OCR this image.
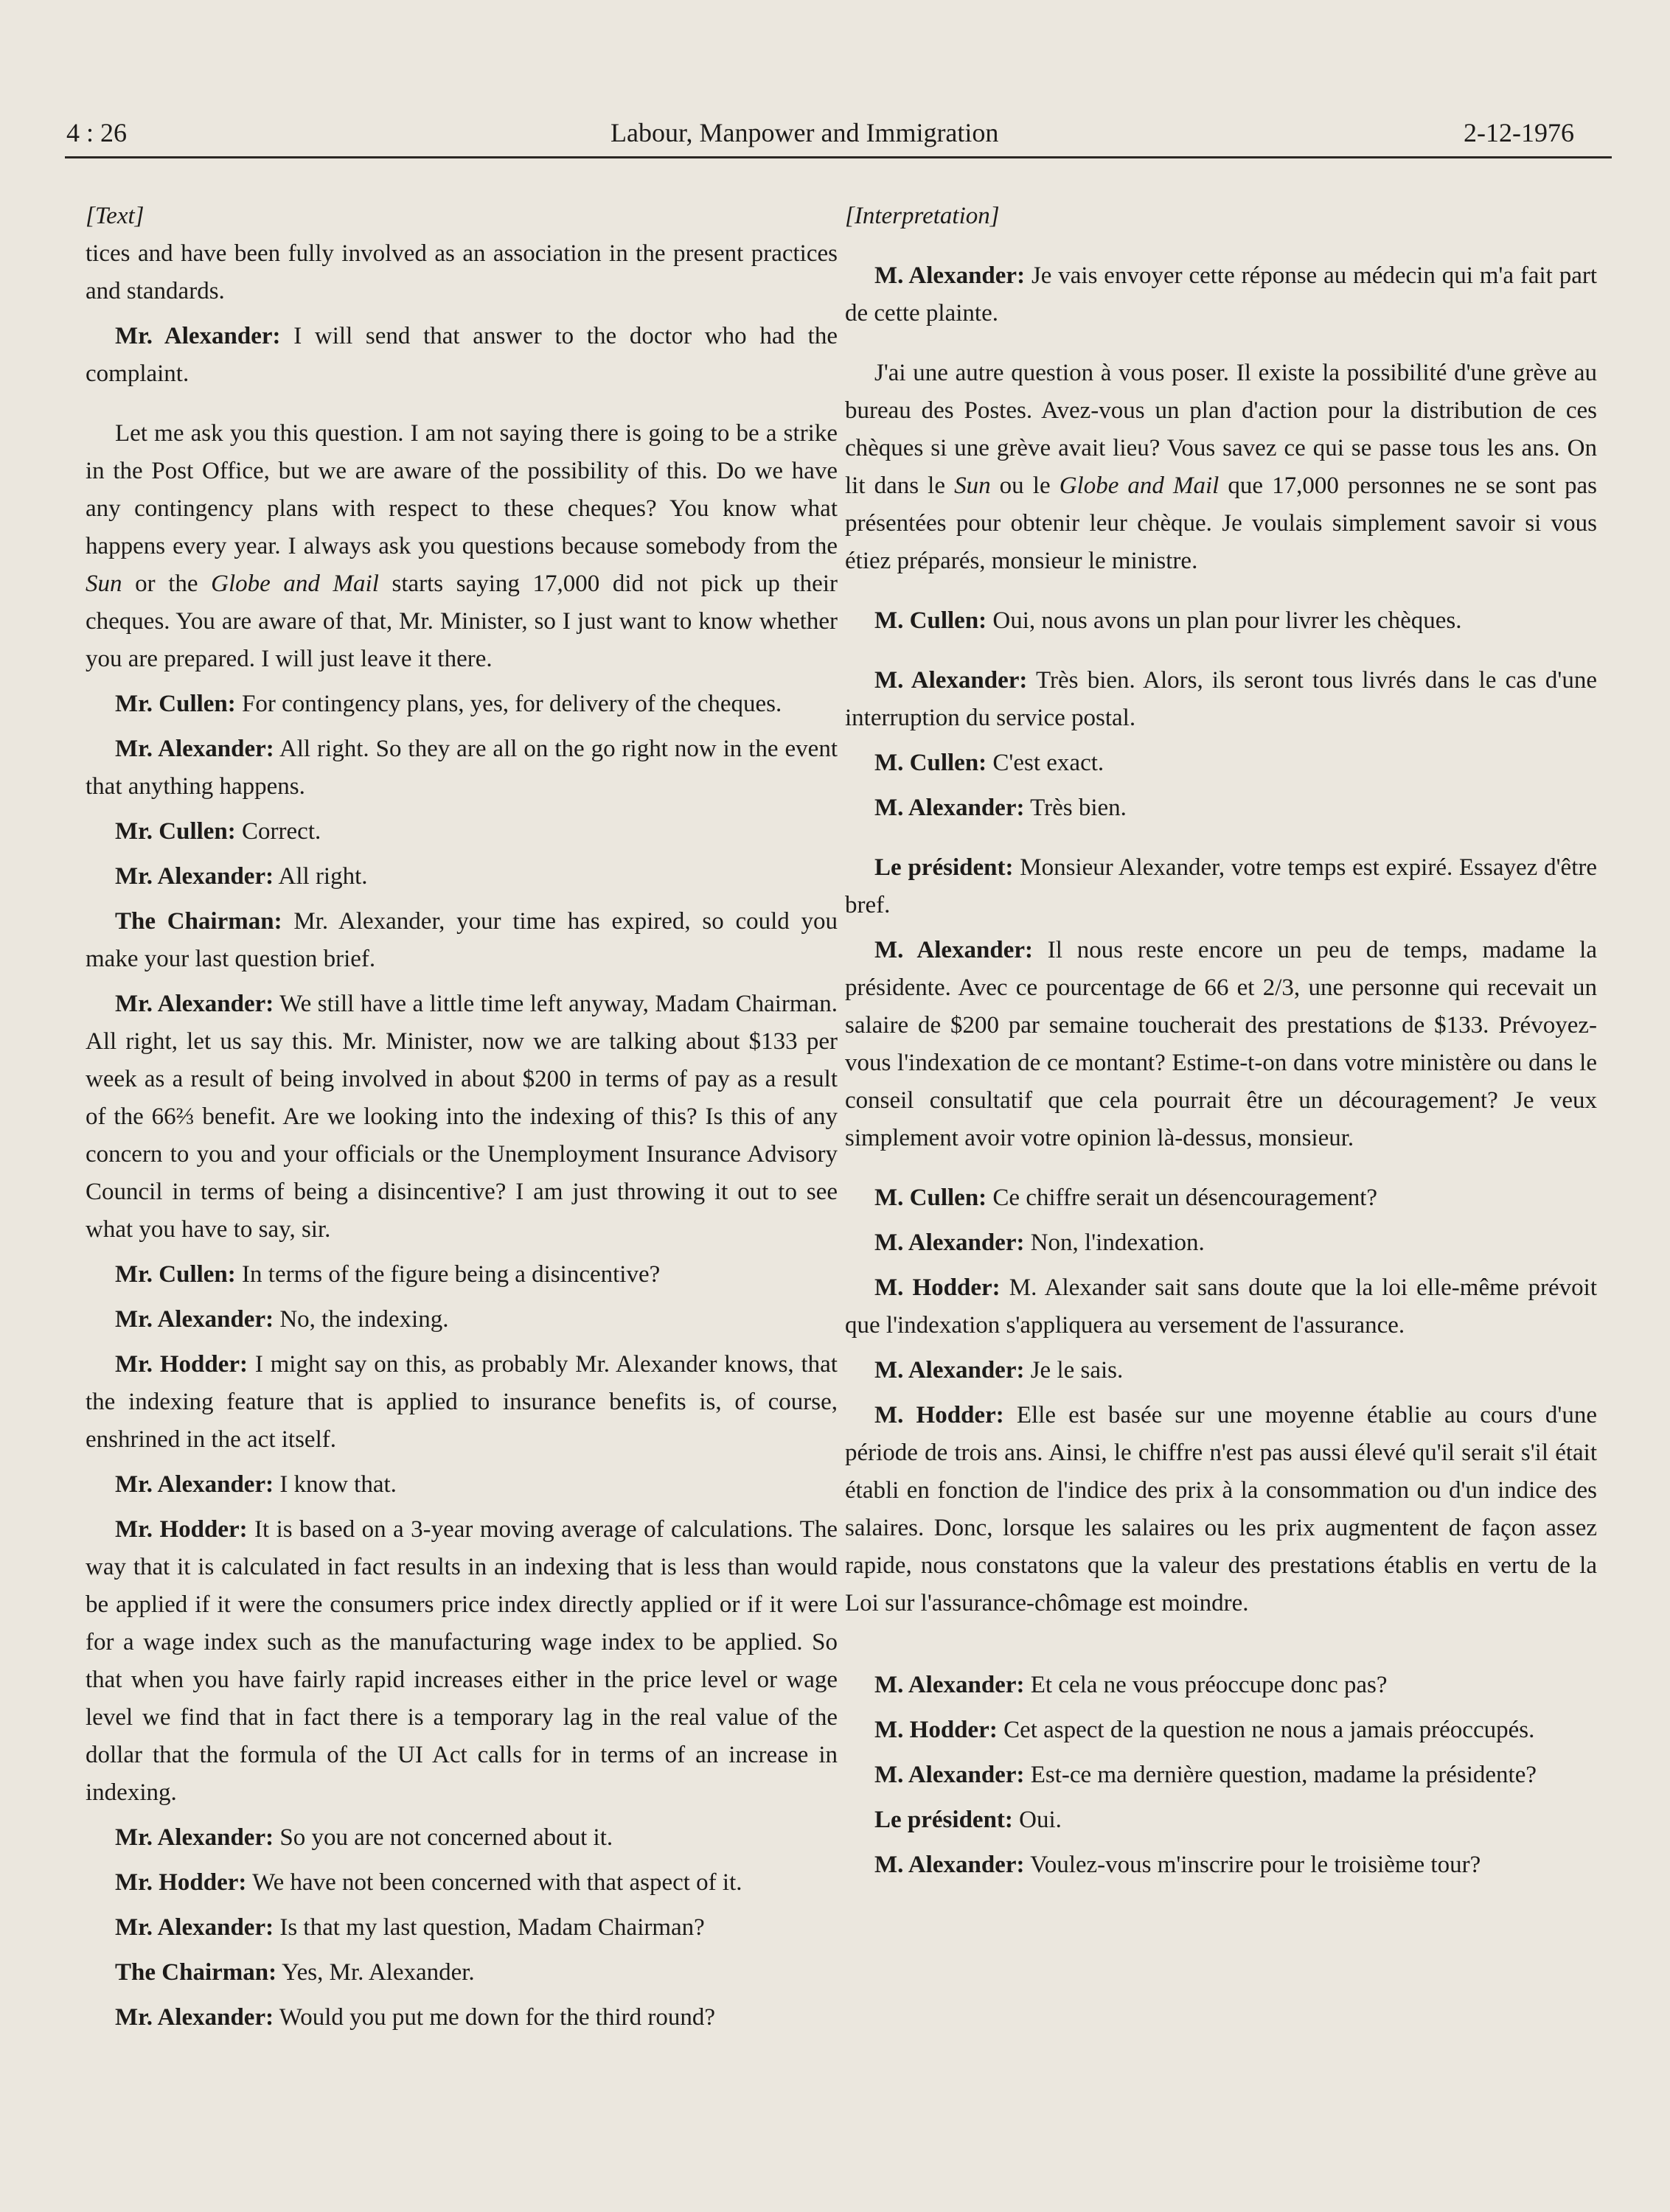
4 : 26	Labour, Manpower and Immigration	2-12-1976

[Text]

tices and have been fully involved as an association in the present practices and standards.

Mr. Alexander: I will send that answer to the doctor who had the complaint.

Let me ask you this question. I am not saying there is going to be a strike in the Post Office, but we are aware of the possibility of this. Do we have any contingency plans with respect to these cheques? You know what happens every year. I always ask you questions because somebody from the Sun or the Globe and Mail starts saying 17,000 did not pick up their cheques. You are aware of that, Mr. Minister, so I just want to know whether you are prepared. I will just leave it there.

Mr. Cullen: For contingency plans, yes, for delivery of the cheques.

Mr. Alexander: All right. So they are all on the go right now in the event that anything happens.

Mr. Cullen: Correct.

Mr. Alexander: All right.

The Chairman: Mr. Alexander, your time has expired, so could you make your last question brief.

Mr. Alexander: We still have a little time left anyway, Madam Chairman. All right, let us say this. Mr. Minister, now we are talking about $133 per week as a result of being involved in about $200 in terms of pay as a result of the 66⅔ benefit. Are we looking into the indexing of this? Is this of any concern to you and your officials or the Unemployment Insurance Advisory Council in terms of being a disincentive? I am just throwing it out to see what you have to say, sir.

Mr. Cullen: In terms of the figure being a disincentive?

Mr. Alexander: No, the indexing.

Mr. Hodder: I might say on this, as probably Mr. Alexander knows, that the indexing feature that is applied to insurance benefits is, of course, enshrined in the act itself.

Mr. Alexander: I know that.

Mr. Hodder: It is based on a 3-year moving average of calculations. The way that it is calculated in fact results in an indexing that is less than would be applied if it were the consumers price index directly applied or if it were for a wage index such as the manufacturing wage index to be applied. So that when you have fairly rapid increases either in the price level or wage level we find that in fact there is a temporary lag in the real value of the dollar that the formula of the UI Act calls for in terms of an increase in indexing.

Mr. Alexander: So you are not concerned about it.

Mr. Hodder: We have not been concerned with that aspect of it.

Mr. Alexander: Is that my last question, Madam Chairman?

The Chairman: Yes, Mr. Alexander.

Mr. Alexander: Would you put me down for the third round?

[Interpretation]

M. Alexander: Je vais envoyer cette réponse au médecin qui m'a fait part de cette plainte.

J'ai une autre question à vous poser. Il existe la possibilité d'une grève au bureau des Postes. Avez-vous un plan d'action pour la distribution de ces chèques si une grève avait lieu? Vous savez ce qui se passe tous les ans. On lit dans le Sun ou le Globe and Mail que 17,000 personnes ne se sont pas présentées pour obtenir leur chèque. Je voulais simplement savoir si vous étiez préparés, monsieur le ministre.

M. Cullen: Oui, nous avons un plan pour livrer les chèques.

M. Alexander: Très bien. Alors, ils seront tous livrés dans le cas d'une interruption du service postal.

M. Cullen: C'est exact.

M. Alexander: Très bien.

Le président: Monsieur Alexander, votre temps est expiré. Essayez d'être bref.

M. Alexander: Il nous reste encore un peu de temps, madame la présidente. Avec ce pourcentage de 66 et 2/3, une personne qui recevait un salaire de $200 par semaine toucherait des prestations de $133. Prévoyez-vous l'indexation de ce montant? Estime-t-on dans votre ministère ou dans le conseil consultatif que cela pourrait être un découragement? Je veux simplement avoir votre opinion là-dessus, monsieur.

M. Cullen: Ce chiffre serait un désencouragement?

M. Alexander: Non, l'indexation.

M. Hodder: M. Alexander sait sans doute que la loi elle-même prévoit que l'indexation s'appliquera au versement de l'assurance.

M. Alexander: Je le sais.

M. Hodder: Elle est basée sur une moyenne établie au cours d'une période de trois ans. Ainsi, le chiffre n'est pas aussi élevé qu'il serait s'il était établi en fonction de l'indice des prix à la consommation ou d'un indice des salaires. Donc, lorsque les salaires ou les prix augmentent de façon assez rapide, nous constatons que la valeur des prestations établis en vertu de la Loi sur l'assurance-chômage est moindre.

M. Alexander: Et cela ne vous préoccupe donc pas?

M. Hodder: Cet aspect de la question ne nous a jamais préoccupés.

M. Alexander: Est-ce ma dernière question, madame la présidente?

Le président: Oui.

M. Alexander: Voulez-vous m'inscrire pour le troisième tour?
